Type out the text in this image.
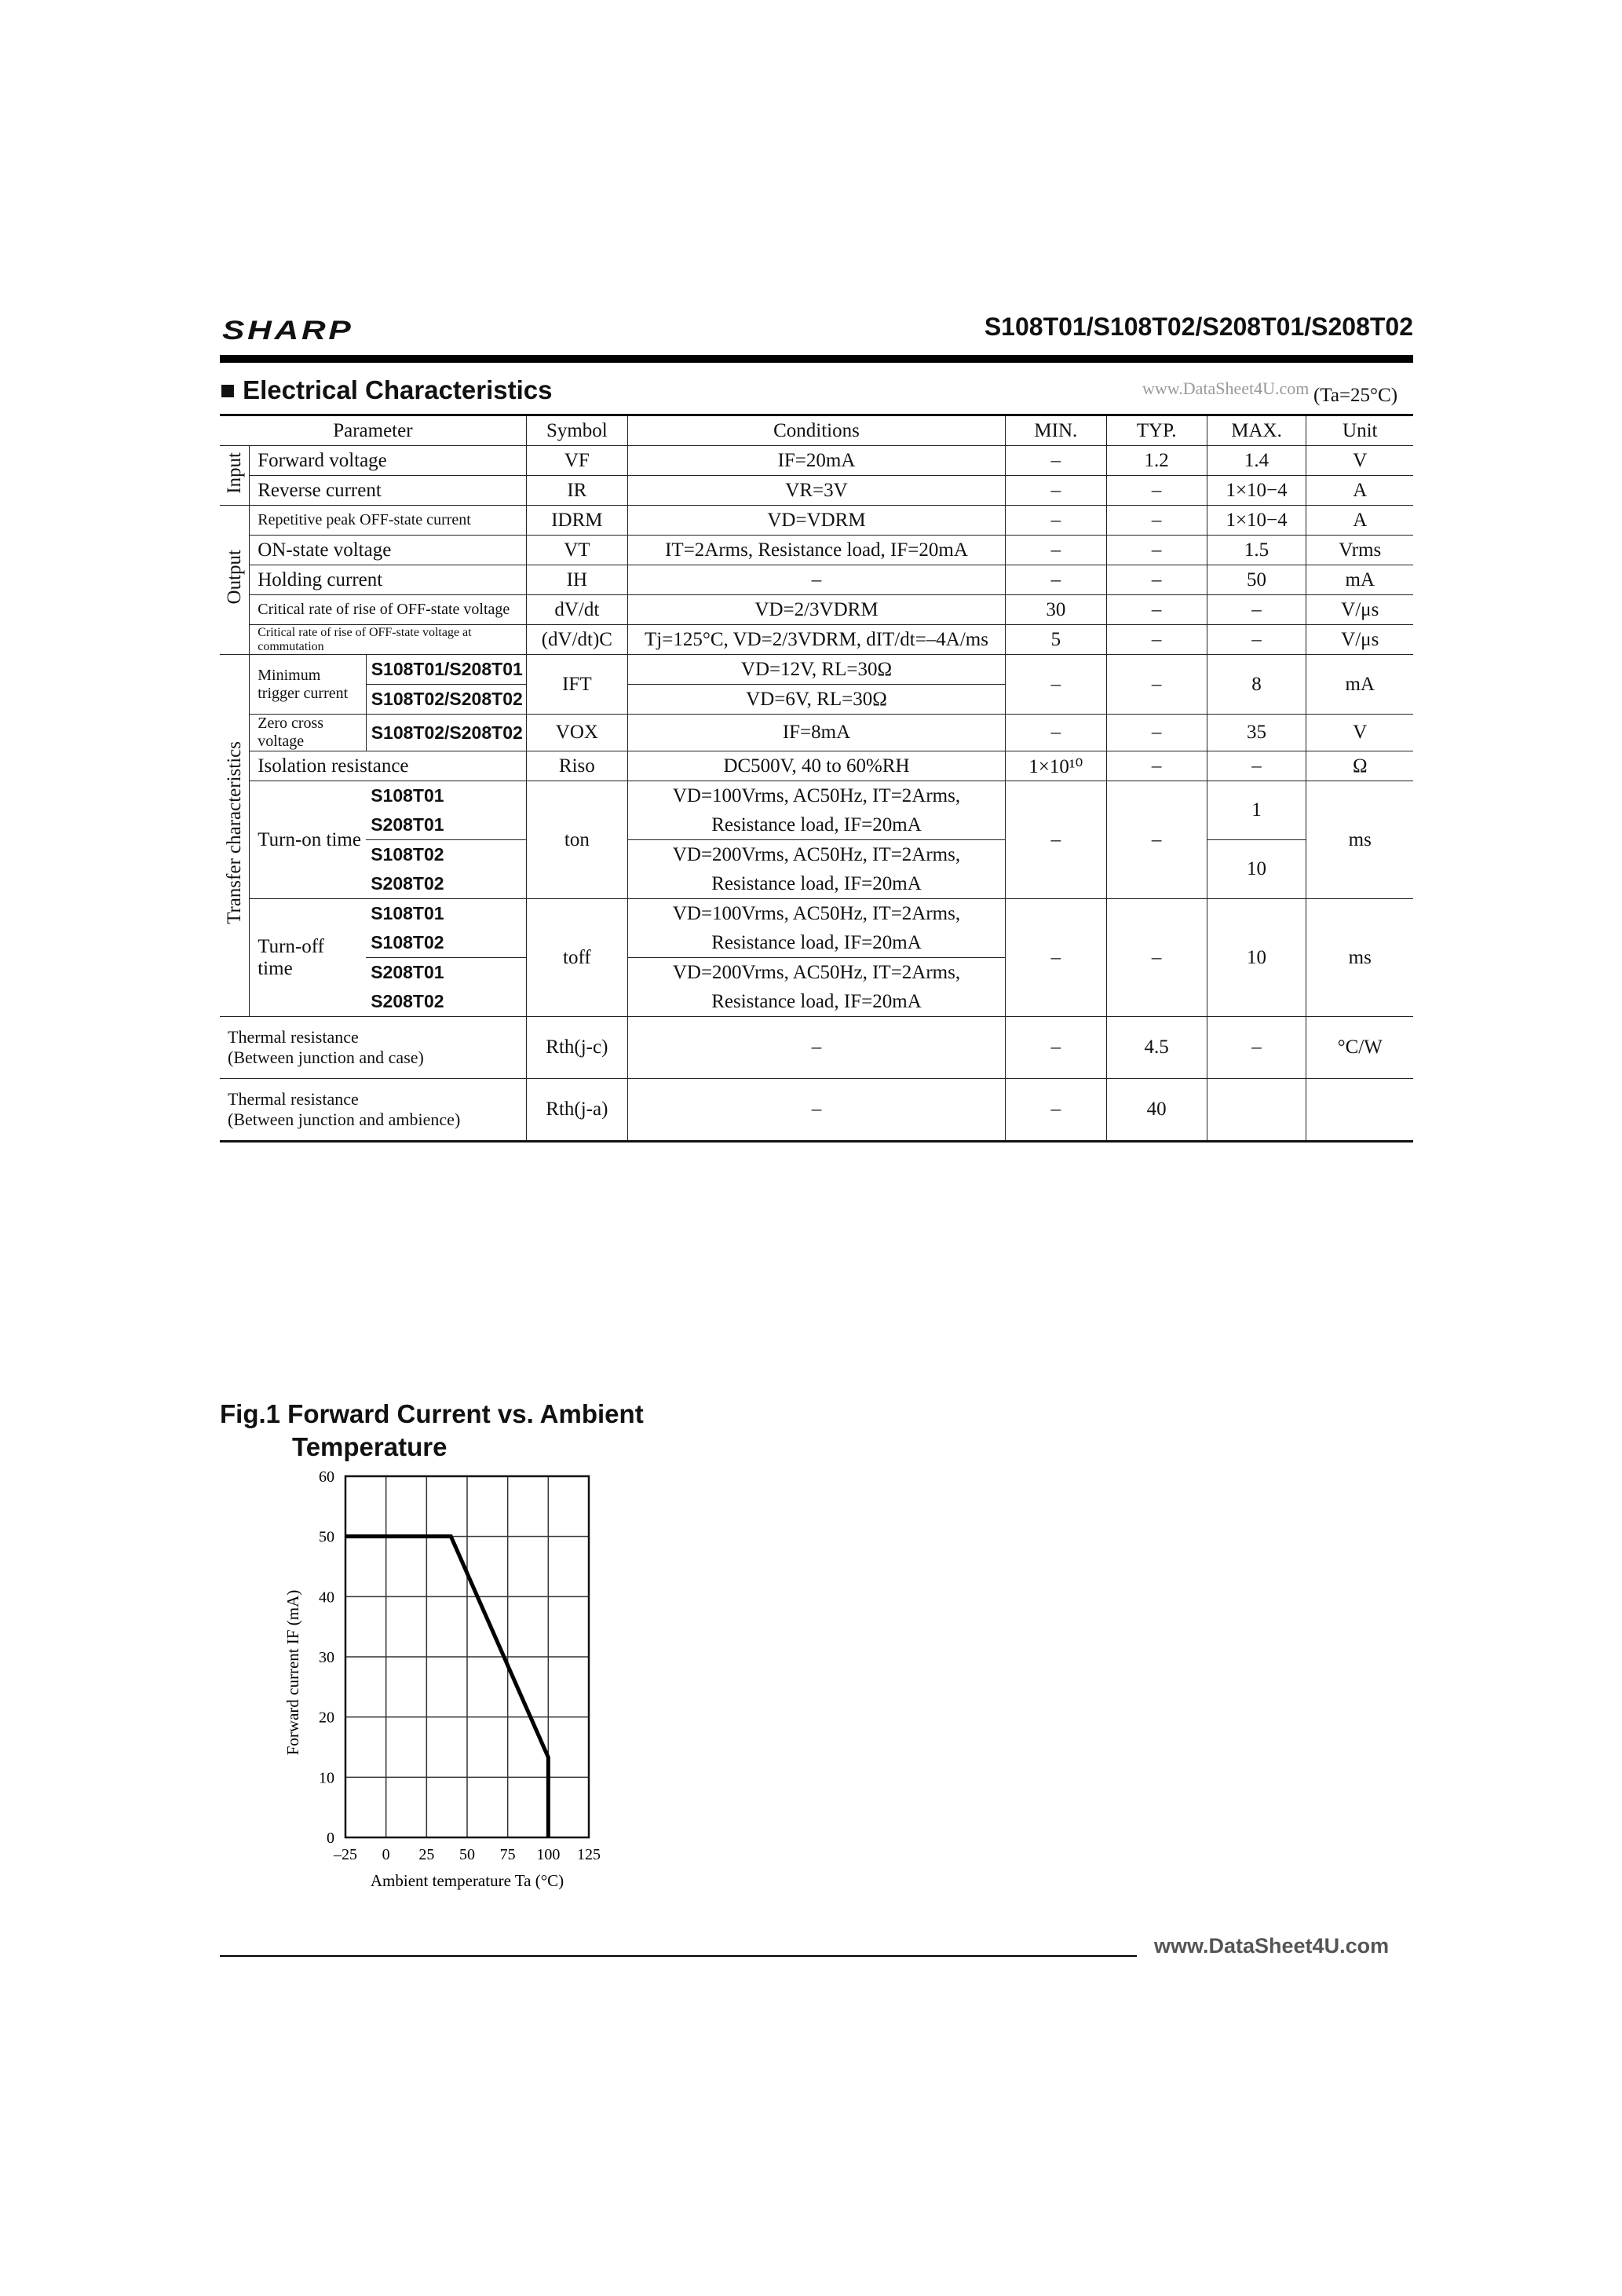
SHARP	S108T01/S108T02/S208T01/S208T02
■ Electrical Characteristics	www.DataSheet4U.com (Ta=25°C)
Parameter			Symbol	Conditions	MIN.	TYP.	MAX.	Unit
Input	Forward voltage		VF	IF=20mA	–	1.2	1.4	V
	Reverse current		IR	VR=3V	–	–	1×10−4	A
Output	Repetitive peak OFF-state current		IDRM	VD=VDRM	–	–	1×10−4	A
	ON-state voltage		VT	IT=2Arms, Resistance load, IF=20mA	–	–	1.5	Vrms
	Holding current		IH	–	–	–	50	mA
	Critical rate of rise of OFF-state voltage		dV/dt	VD=2/3VDRM	30	–	–	V/μs
	Critical rate of rise of OFF-state voltage at commutation		(dV/dt)C	Tj=125°C, VD=2/3VDRM, dIT/dt=–4A/ms	5	–	–	V/μs
Transfer characteristics	Minimum trigger current	S108T01/S208T01	IFT	VD=12V, RL=30Ω	–	–	8	mA
		S108T02/S208T02		VD=6V, RL=30Ω				
	Zero cross voltage	S108T02/S208T02	VOX	IF=8mA	–	–	35	V
	Isolation resistance		Riso	DC500V, 40 to 60%RH	1×10¹⁰	–	–	Ω
	Turn-on time	S108T01	ton	VD=100Vrms, AC50Hz, IT=2Arms,	–	–	1	ms
		S208T01		Resistance load, IF=20mA				
		S108T02		VD=200Vrms, AC50Hz, IT=2Arms,			10	
		S208T02		Resistance load, IF=20mA				
	Turn-off time	S108T01	toff	VD=100Vrms, AC50Hz, IT=2Arms,	–	–	10	ms
		S108T02		Resistance load, IF=20mA				
		S208T01		VD=200Vrms, AC50Hz, IT=2Arms,				
		S208T02		Resistance load, IF=20mA				

Thermal resistance
(Between junction and case)			Rth(j-c)	–	–	4.5	–	°C/W

Thermal resistance
(Between junction and ambience)			Rth(j-a)	–	–	40		
Fig.1 Forward Current vs. Ambient
Temperature
–25 0 25 50 75 100 125
0
10
20
30
40
50
60
Ambient temperature Ta (°C)
Forward current IF (mA)
www.DataSheet4U.com
